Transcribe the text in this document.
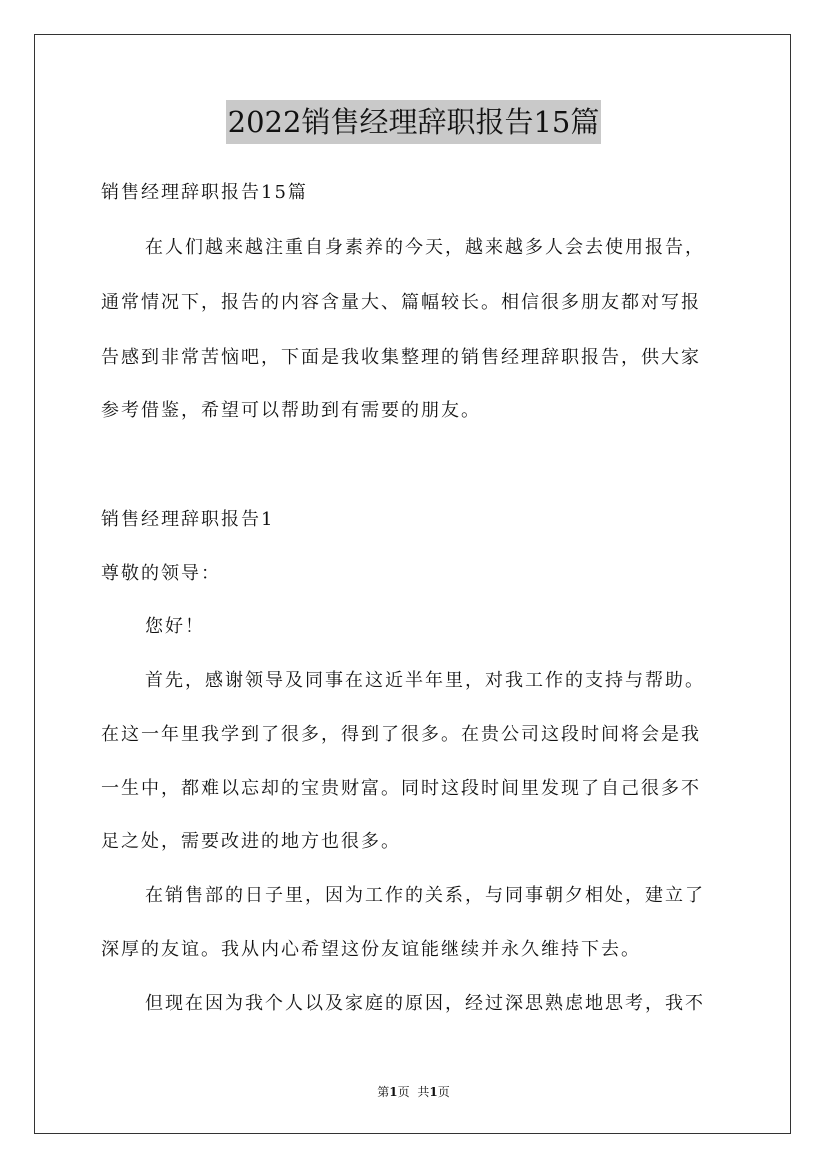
2022销售经理辞职报告15篇
销售经理辞职报告15篇
在人们越来越注重自身素养的今天，越来越多人会去使用报告，
通常情况下，报告的内容含量大、篇幅较长。相信很多朋友都对写报
告感到非常苦恼吧，下面是我收集整理的销售经理辞职报告，供大家
参考借鉴，希望可以帮助到有需要的朋友。
销售经理辞职报告1
尊敬的领导：
您好！
首先，感谢领导及同事在这近半年里，对我工作的支持与帮助。
在这一年里我学到了很多，得到了很多。在贵公司这段时间将会是我
一生中，都难以忘却的宝贵财富。同时这段时间里发现了自己很多不
足之处，需要改进的地方也很多。
在销售部的日子里，因为工作的关系，与同事朝夕相处，建立了
深厚的友谊。我从内心希望这份友谊能继续并永久维持下去。
但现在因为我个人以及家庭的原因，经过深思熟虑地思考，我不
第1页 共1页
